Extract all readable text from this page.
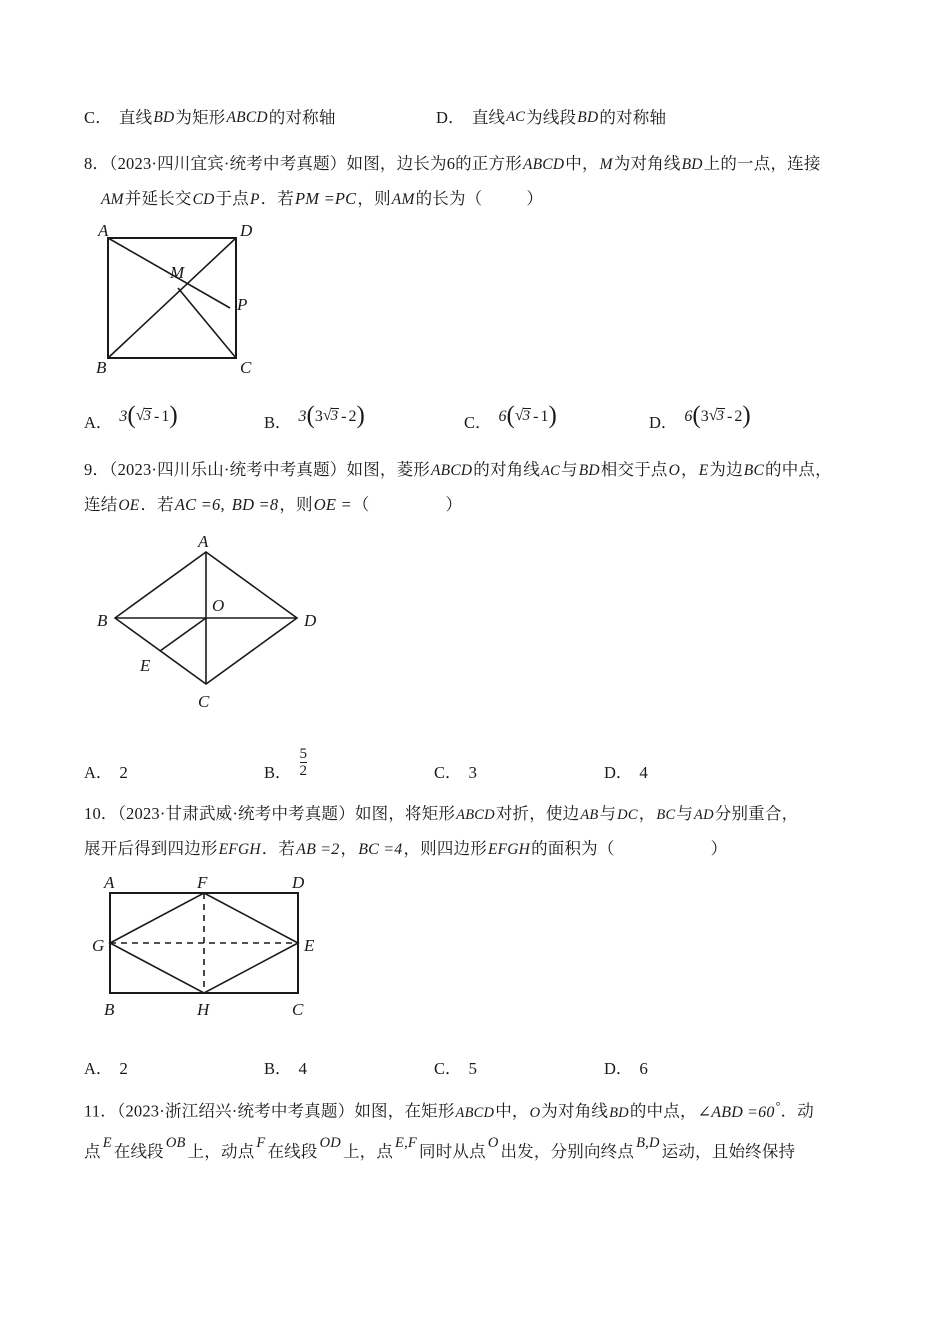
C． 直线 BD 为矩形 ABCD 的对称轴	D． 直线 AC 为线段 BD 的对称轴
8．（2023·四川宜宾·统考中考真题）如图，边长为6的正方形ABCD中，M为对角线BD上的一点，连接
AM并延长交CD于点P．若PM =PC，则AM的长为（	）
A	D
B	C
M
P
A． 3 ( √ 3 - 1 )	B． 3 ( 3 √ 3 - 2 )	C． 6 ( √ 3 - 1 )	D． 6 ( 3 √ 3 - 2 )
9．（2023·四川乐山·统考中考真题）如图，菱形ABCD的对角线AC与BD相交于点O，E为边BC的中点，
连结OE．若AC =6, BD =8，则OE =（	）
A
B	D
C
O
E
A． 2	B． $\frac{5}{2}$	C． 3	D． 4
10．（2023·甘肃武威·统考中考真题）如图，将矩形ABCD对折，使边AB与DC，BC与AD分别重合，
展开后得到四边形EFGH．若AB =2，BC =4，则四边形EFGH的面积为（	）
A	F	D
G	E
B	H	C
A． 2	B． 4	C． 5	D． 6
11．（2023·浙江绍兴·统考中考真题）如图，在矩形ABCD中，O为对角线BD的中点，∠ABD =60°．动
点 E 在线段 OB 上，动点 F 在线段 OD 上，点 E,F 同时从点 O 出发，分别向终点 B,D 运动，且始终保持
